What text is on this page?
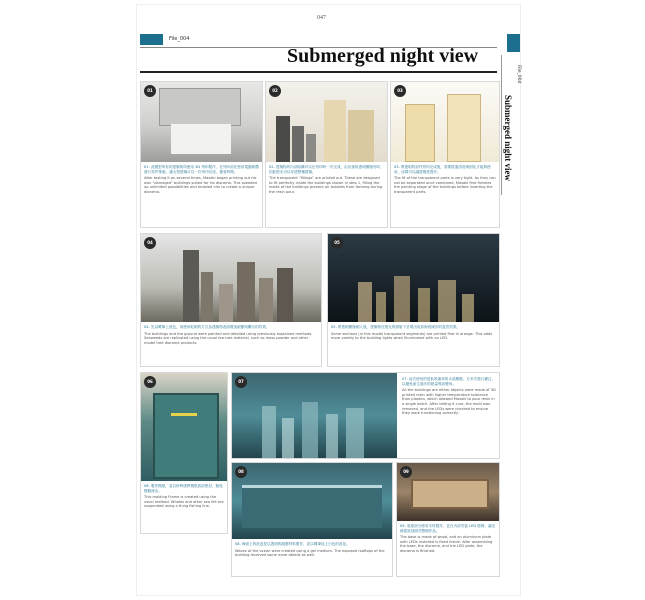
047
File_004
Submerged night view
File_004
Submerged night view
01
01. 此模型所有的建築物均使用 3D 列印製作，在列印前先使用電腦軟體進行零件排版，讓大型建築可以一次列印完成，節省時間。
After testing it on several times, Masaki began printing out his own "damaged" buildings suited for his diorama. This speeded up unlimited possibilities and enabled him to create a unique diorama.
02
02. 建築物的內部結構可以在列印時一次完成，由於採用透明樹脂列印，因此燈光可以穿透整棟建築。
The transparent "fillings" are printed out. These are designed to fit perfectly inside the buildings shown in step 1, filling the inside of the buildings prevent air bubbles from forming during the resin pour.
03
03. 將透明的部件列印完成後，需要經過清洗與固化才能夠使用，這樣可以讓透明度提升。
The fit of the transparent parts is very tight. As they can not be separated once combined, Masaki first finishes the painting stage of the buildings before inserting the transparent parts.
04
04. 先以噴筆上底色，再使用乾刷的方式為建築物表面增加細節與髒污的效果。
The buildings and the ground were painted and detailed using previously explained methods. Seaweeds are replicated using the usual tea-tree material, such as moss powder and other model tree diorama products.
05
05. 將透明樹脂倒入後，建築物在燈光的照射下呈現出宛如海底城市的夜景效果。
Some sections (in this model transparent segments) are printed first in orange. This adds more variety to the building lights when illuminated with an LED.
06
06. 製作模框，並以矽利康將模框底部密封，避免樹脂流出。
This molding Frame is created using the usual method. Whales and other sea life are suspended using a thing fishing line.
07	07. 這次使用的是低收縮率的水晶樹脂，分多次進行灌注，以避免產生過多的熱量導致變形。
All the buildings are either objects were made of 3D printed resin with higher temperature tolerance than plastics, which allowed Masaki to pour resin in a single batch. After letting it cure, the mold was removed, and the LEDs were checked to ensure they were functioning correctly.
08
08. 海面上的波浪是以透明的凝膠材料製作，並以噴筆加上白色的浪花。
Waves of the ocean were created using a gel medium. The exposed rooftops of the building received some more details as well.
09
09. 底座部分使用木材製作，並在內部安裝 LED 燈條，讓光線從底部照亮整個作品。
The base is made of wood, and an aluminum plate with LEDs installed is fixed inside. After assembling the base, the diorama, and the LED plate, the diorama is finished.
